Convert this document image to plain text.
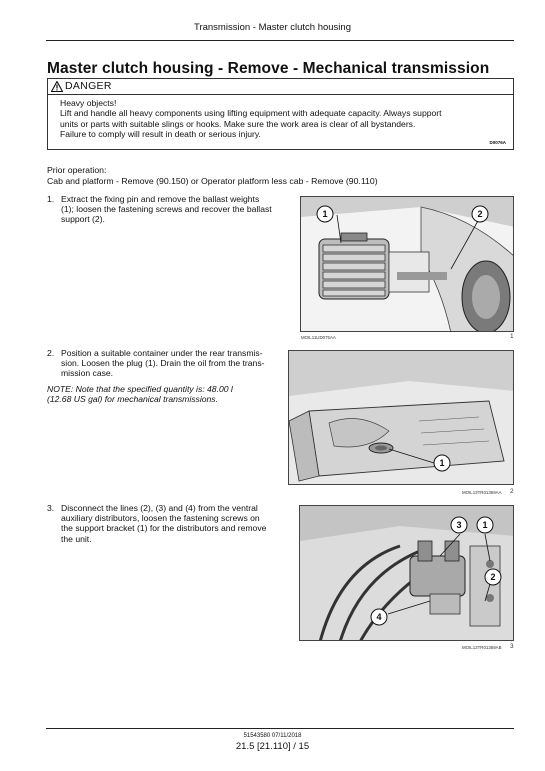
Transmission - Master clutch housing
Master clutch housing - Remove - Mechanical transmission
DANGER
Heavy objects!
Lift and handle all heavy components using lifting equipment with adequate capacity. Always support
units or parts with suitable slings or hooks. Make sure the work area is clear of all bystanders.
Failure to comply will result in death or serious injury.
D0076A
Prior operation:
Cab and platform - Remove (90.150) or Operator platform less cab - Remove (90.110)
1. Extract the fixing pin and remove the ballast weights
(1); loosen the fastening screws and recover the ballast
support (2).
1	2
MOIL11UD075AA	1
2. Position a suitable container under the rear transmis-
sion. Loosen the plug (1). Drain the oil from the trans-
mission case.
NOTE: Note that the specified quantity is: 48.00 l
(12.68 US gal) for mechanical transmissions.
1
MOIL13TR01369AA 2
3. Disconnect the lines (2), (3) and (4) from the ventral
auxiliary distributors, loosen the fastening screws on
the support bracket (1) for the distributors and remove
the unit.
3	1
2
4
MOIL13TR01369AB 3
51543580 07/11/2018
21.5 [21.110] / 15
